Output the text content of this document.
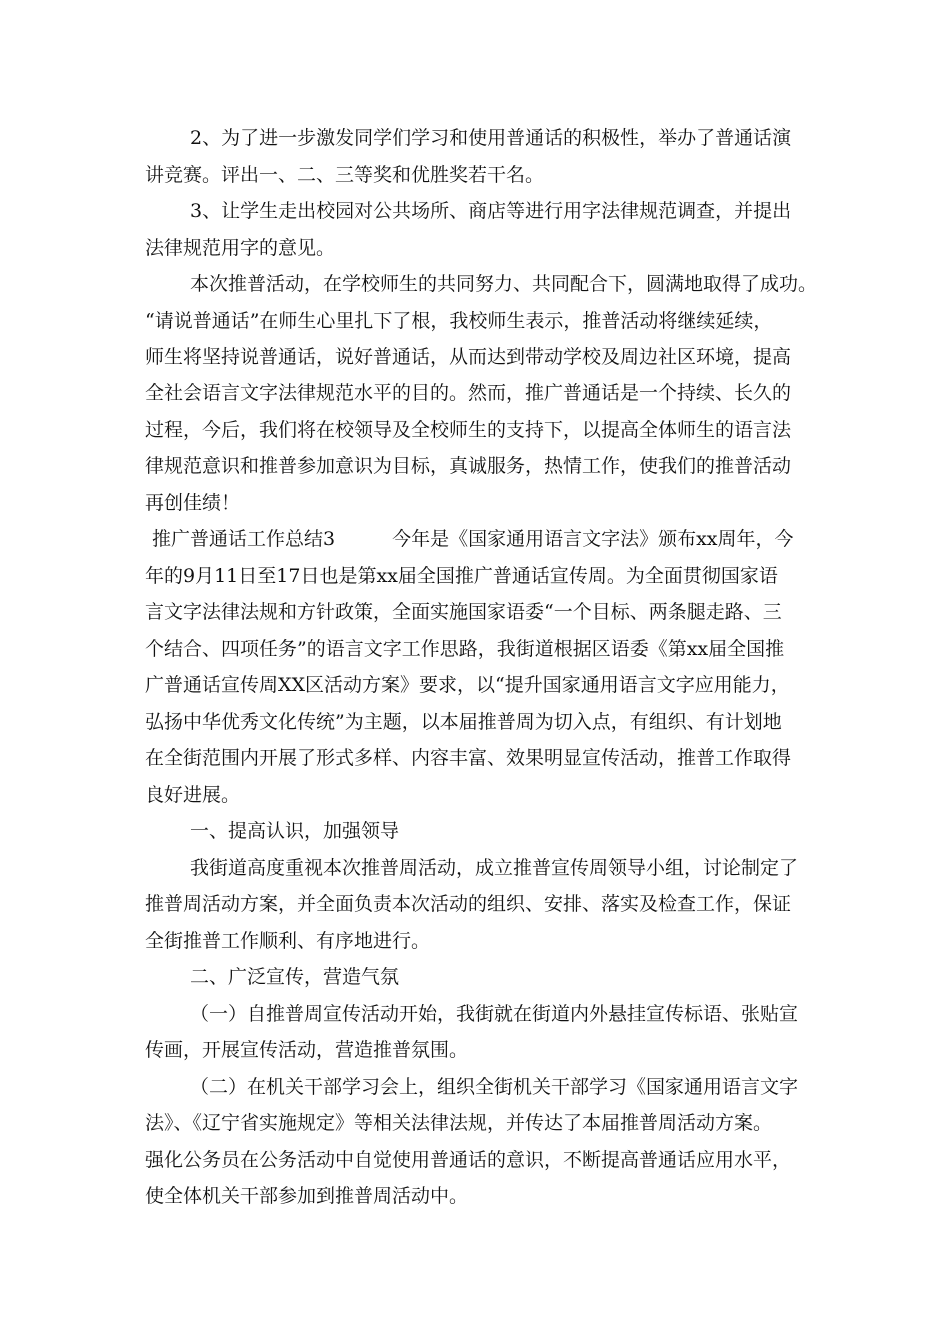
2、为了进一步激发同学们学习和使用普通话的积极性，举办了普通话演
讲竞赛。评出一、二、三等奖和优胜奖若干名。
3、让学生走出校园对公共场所、商店等进行用字法律规范调查，并提出
法律规范用字的意见。
本次推普活动，在学校师生的共同努力、共同配合下，圆满地取得了成功。
“请说普通话”在师生心里扎下了根，我校师生表示，推普活动将继续延续，
师生将坚持说普通话，说好普通话，从而达到带动学校及周边社区环境，提高
全社会语言文字法律规范水平的目的。然而，推广普通话是一个持续、长久的
过程，今后，我们将在校领导及全校师生的支持下，以提高全体师生的语言法
律规范意识和推普参加意识为目标，真诚服务，热情工作，使我们的推普活动
再创佳绩！
推广普通话工作总结3　　　今年是《国家通用语言文字法》颁布xx周年，今
年的9月11日至17日也是第xx届全国推广普通话宣传周。为全面贯彻国家语
言文字法律法规和方针政策，全面实施国家语委“一个目标、两条腿走路、三
个结合、四项任务”的语言文字工作思路，我街道根据区语委《第xx届全国推
广普通话宣传周XX区活动方案》要求，以“提升国家通用语言文字应用能力，
弘扬中华优秀文化传统”为主题，以本届推普周为切入点，有组织、有计划地
在全街范围内开展了形式多样、内容丰富、效果明显宣传活动，推普工作取得
良好进展。
一、提高认识，加强领导
我街道高度重视本次推普周活动，成立推普宣传周领导小组，讨论制定了
推普周活动方案，并全面负责本次活动的组织、安排、落实及检查工作，保证
全街推普工作顺利、有序地进行。
二、广泛宣传，营造气氛
（一）自推普周宣传活动开始，我街就在街道内外悬挂宣传标语、张贴宣
传画，开展宣传活动，营造推普氛围。
（二）在机关干部学习会上，组织全街机关干部学习《国家通用语言文字
法》、《辽宁省实施规定》等相关法律法规，并传达了本届推普周活动方案。
强化公务员在公务活动中自觉使用普通话的意识，不断提高普通话应用水平，
使全体机关干部参加到推普周活动中。
